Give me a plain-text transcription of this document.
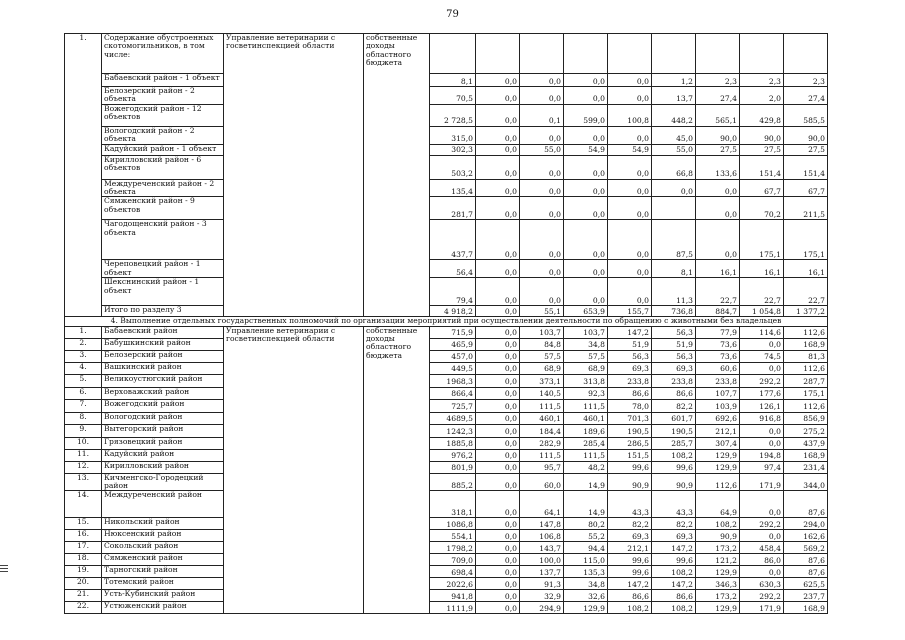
79
1.	Содержание обустроенных скотомогильников, в том числе:	Управление ветеринарии с госветинспекцией области	собственные доходы областного бюджета									
	Бабаевский район - 1 объект			8,1	0,0	0,0	0,0	0,0	1,2	2,3	2,3	2,3
	Белозерский район - 2 объекта			70,5	0,0	0,0	0,0	0,0	13,7	27,4	2,0	27,4
	Вожегодский район - 12 объектов			2 728,5	0,0	0,1	599,0	100,8	448,2	565,1	429,8	585,5
	Вологодский район - 2 объекта			315,0	0,0	0,0	0,0	0,0	45,0	90,0	90,0	90,0
	Кадуйский район - 1 объект			302,3	0,0	55,0	54,9	54,9	55,0	27,5	27,5	27,5
	Кирилловский район - 6 объектов			503,2	0,0	0,0	0,0	0,0	66,8	133,6	151,4	151,4
	Междуреченский район - 2 объекта			135,4	0,0	0,0	0,0	0,0	0,0	0,0	67,7	67,7
	Сямженский район - 9 объектов			281,7	0,0	0,0	0,0	0,0		0,0	70,2	211,5
	Чагодощенский район - 3 объекта			437,7	0,0	0,0	0,0	0,0	87,5	0,0	175,1	175,1
	Череповецкий район - 1 объект			56,4	0,0	0,0	0,0	0,0	8,1	16,1	16,1	16,1
	Шекснинский район - 1 объект			79,4	0,0	0,0	0,0	0,0	11,3	22,7	22,7	22,7
	Итого по разделу 3			4 918,2	0,0	55,1	653,9	155,7	736,8	884,7	1 054,8	1 377,2
4. Выполнение отдельных государственных полномочий по организации мероприятий при осуществлении деятельности по обращению с животными без владельцев												
1.	Бабаевский район	Управление ветеринарии с госветинспекцией области	собственные доходы областного бюджета	715,9	0,0	103,7	103,7	147,2	56,3	77,9	114,6	112,6
2.	Бабушкинский район			465,9	0,0	84,8	34,8	51,9	51,9	73,6	0,0	168,9
3.	Белозерский район			457,0	0,0	57,5	57,5	56,3	56,3	73,6	74,5	81,3
4.	Вашкинский район			449,5	0,0	68,9	68,9	69,3	69,3	60,6	0,0	112,6
5.	Великоустюгский район			1968,3	0,0	373,1	313,8	233,8	233,8	233,8	292,2	287,7
6.	Верховажский район			866,4	0,0	140,5	92,3	86,6	86,6	107,7	177,6	175,1
7.	Вожегодский район			725,7	0,0	111,5	111,5	78,0	82,2	103,9	126,1	112,6
8.	Вологодский район			4689,5	0,0	460,1	460,1	701,3	601,7	692,6	916,8	856,9
9.	Вытегорский район			1242,3	0,0	184,4	189,6	190,5	190,5	212,1	0,0	275,2
10.	Грязовецкий район			1885,8	0,0	282,9	285,4	286,5	285,7	307,4	0,0	437,9
11.	Кадуйский район			976,2	0,0	111,5	111,5	151,5	108,2	129,9	194,8	168,9
12.	Кирилловский район			801,9	0,0	95,7	48,2	99,6	99,6	129,9	97,4	231,4
13.	Кичменгско-Городецкий район			885,2	0,0	60,0	14,9	90,9	90,9	112,6	171,9	344,0
14.	Междуреченский район			318,1	0,0	64,1	14,9	43,3	43,3	64,9	0,0	87,6
15.	Никольский район			1086,8	0,0	147,8	80,2	82,2	82,2	108,2	292,2	294,0
16.	Нюксенский район			554,1	0,0	106,8	55,2	69,3	69,3	90,9	0,0	162,6
17.	Сокольский район			1798,2	0,0	143,7	94,4	212,1	147,2	173,2	458,4	569,2
18.	Сямженский район			709,0	0,0	100,0	115,0	99,6	99,6	121,2	86,0	87,6
19.	Тарногский район			698,4	0,0	137,7	135,3	99,6	108,2	129,9	0,0	87,6
20.	Тотемский район			2022,6	0,0	91,3	34,8	147,2	147,2	346,3	630,3	625,5
21.	Усть-Кубинский район			941,8	0,0	32,9	32,6	86,6	86,6	173,2	292,2	237,7
22.	Устюженский район			1111,9	0,0	294,9	129,9	108,2	108,2	129,9	171,9	168,9
